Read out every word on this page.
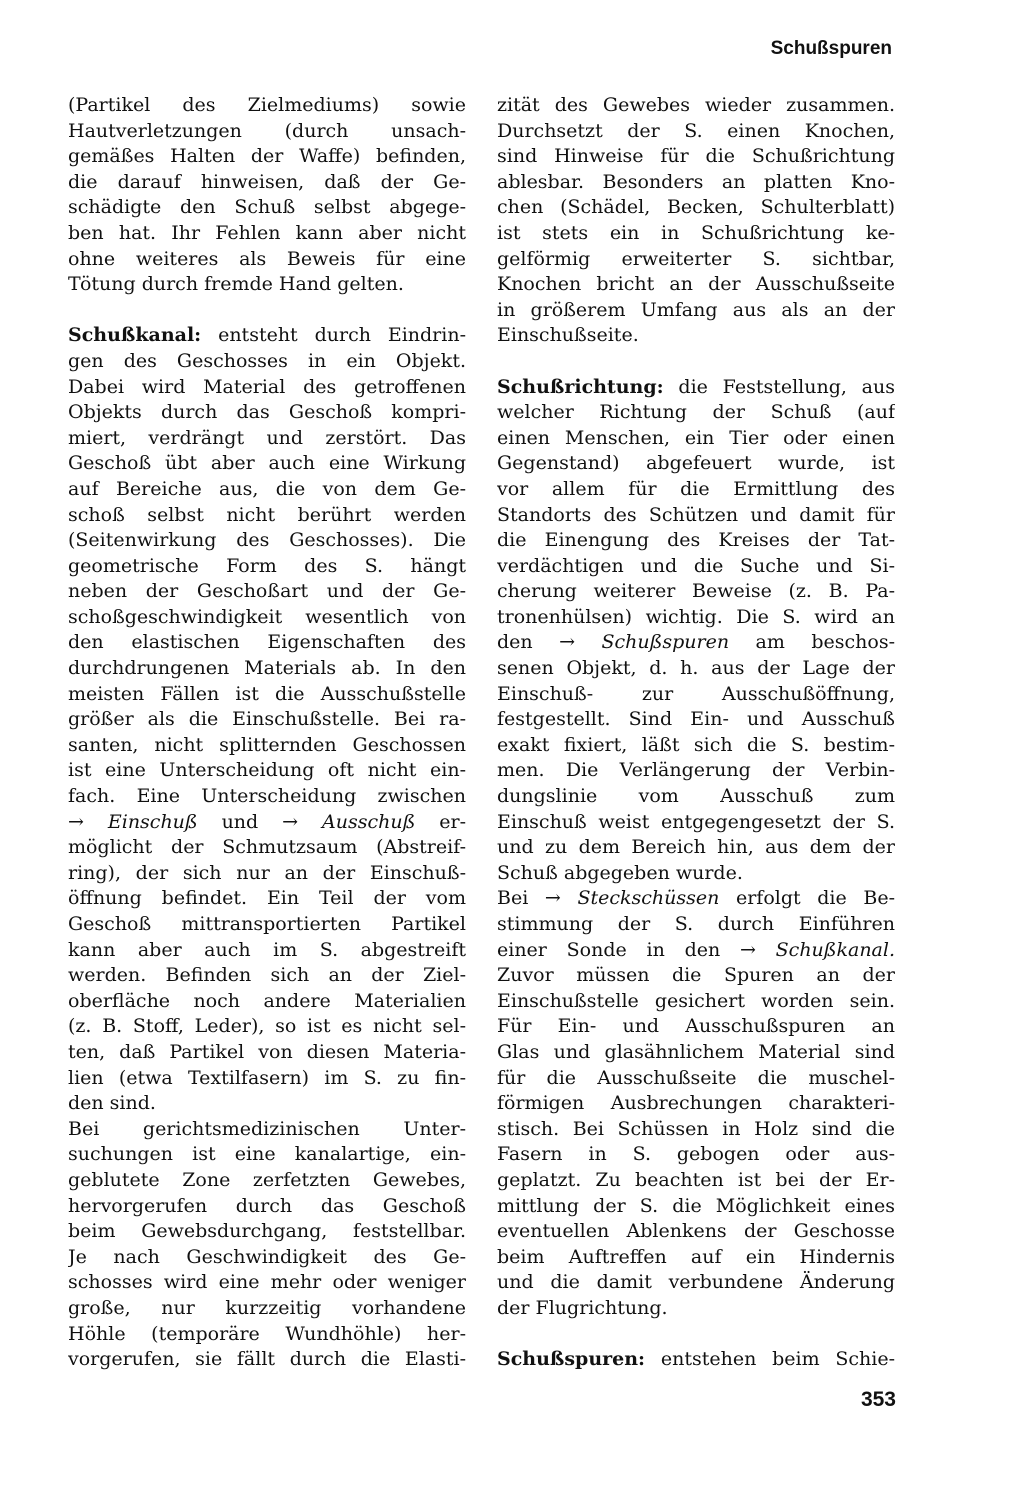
Schußspuren
(Partikel des Zielmediums) sowie
Hautverletzungen (durch unsach-
gemäßes Halten der Waffe) befinden,
die darauf hinweisen, daß der Ge-
schädigte den Schuß selbst abgege-
ben hat. Ihr Fehlen kann aber nicht
ohne weiteres als Beweis für eine
Tötung durch fremde Hand gelten.
Schußkanal: entsteht durch Eindrin-
gen des Geschosses in ein Objekt.
Dabei wird Material des getroffenen
Objekts durch das Geschoß kompri-
miert, verdrängt und zerstört. Das
Geschoß übt aber auch eine Wirkung
auf Bereiche aus, die von dem Ge-
schoß selbst nicht berührt werden
(Seitenwirkung des Geschosses). Die
geometrische Form des S. hängt
neben der Geschoßart und der Ge-
schoßgeschwindigkeit wesentlich von
den elastischen Eigenschaften des
durchdrungenen Materials ab. In den
meisten Fällen ist die Ausschußstelle
größer als die Einschußstelle. Bei ra-
santen, nicht splitternden Geschossen
ist eine Unterscheidung oft nicht ein-
fach. Eine Unterscheidung zwischen
→ Einschuß und → Ausschuß er-
möglicht der Schmutzsaum (Abstreif-
ring), der sich nur an der Einschuß-
öffnung befindet. Ein Teil der vom
Geschoß mittransportierten Partikel
kann aber auch im S. abgestreift
werden. Befinden sich an der Ziel-
oberfläche noch andere Materialien
(z. B. Stoff, Leder), so ist es nicht sel-
ten, daß Partikel von diesen Materia-
lien (etwa Textilfasern) im S. zu fin-
den sind.
Bei gerichtsmedizinischen Unter-
suchungen ist eine kanalartige, ein-
geblutete Zone zerfetzten Gewebes,
hervorgerufen durch das Geschoß
beim Gewebsdurchgang, feststellbar.
Je nach Geschwindigkeit des Ge-
schosses wird eine mehr oder weniger
große, nur kurzzeitig vorhandene
Höhle (temporäre Wundhöhle) her-
vorgerufen, sie fällt durch die Elasti-
zität des Gewebes wieder zusammen.
Durchsetzt der S. einen Knochen,
sind Hinweise für die Schußrichtung
ablesbar. Besonders an platten Kno-
chen (Schädel, Becken, Schulterblatt)
ist stets ein in Schußrichtung ke-
gelförmig erweiterter S. sichtbar,
Knochen bricht an der Ausschußseite
in größerem Umfang aus als an der
Einschußseite.
Schußrichtung: die Feststellung, aus
welcher Richtung der Schuß (auf
einen Menschen, ein Tier oder einen
Gegenstand) abgefeuert wurde, ist
vor allem für die Ermittlung des
Standorts des Schützen und damit für
die Einengung des Kreises der Tat-
verdächtigen und die Suche und Si-
cherung weiterer Beweise (z. B. Pa-
tronenhülsen) wichtig. Die S. wird an
den → Schußspuren am beschos-
senen Objekt, d. h. aus der Lage der
Einschuß- zur Ausschußöffnung,
festgestellt. Sind Ein- und Ausschuß
exakt fixiert, läßt sich die S. bestim-
men. Die Verlängerung der Verbin-
dungslinie vom Ausschuß zum
Einschuß weist entgegengesetzt der S.
und zu dem Bereich hin, aus dem der
Schuß abgegeben wurde.
Bei → Steckschüssen erfolgt die Be-
stimmung der S. durch Einführen
einer Sonde in den → Schußkanal.
Zuvor müssen die Spuren an der
Einschußstelle gesichert worden sein.
Für Ein- und Ausschußspuren an
Glas und glasähnlichem Material sind
für die Ausschußseite die muschel-
förmigen Ausbrechungen charakteri-
stisch. Bei Schüssen in Holz sind die
Fasern in S. gebogen oder aus-
geplatzt. Zu beachten ist bei der Er-
mittlung der S. die Möglichkeit eines
eventuellen Ablenkens der Geschosse
beim Auftreffen auf ein Hindernis
und die damit verbundene Änderung
der Flugrichtung.
Schußspuren: entstehen beim Schie-
353
